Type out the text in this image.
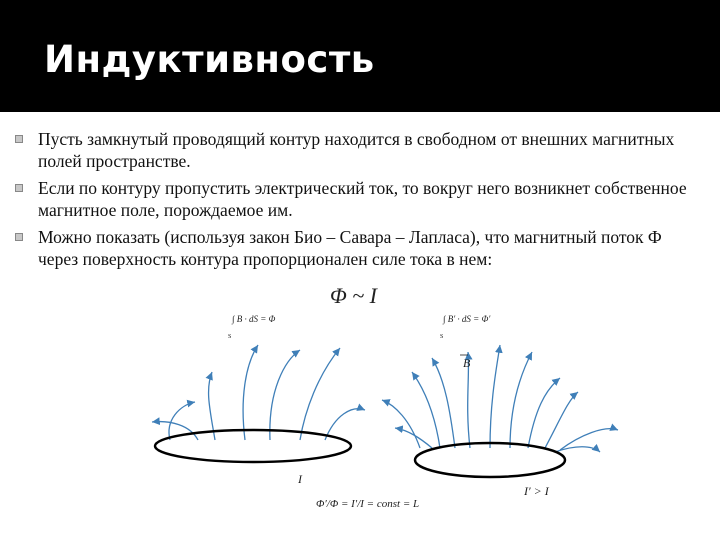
Индуктивность
Пусть замкнутый проводящий контур находится в свободном от внешних магнитных полей пространстве.
Если по контуру пропустить электрический ток, то вокруг него возникнет собственное магнитное поле, порождаемое им.
Можно показать (используя закон Био – Савара – Лапласа), что магнитный поток Ф через поверхность контура пропорционален силе тока в нем:
Φ ~ I
∫ B · dS = Φ	∫ B′ · dS = Φ′
S	S
B
I
I′ > I
Φ′/Φ = I′/I = const = L
